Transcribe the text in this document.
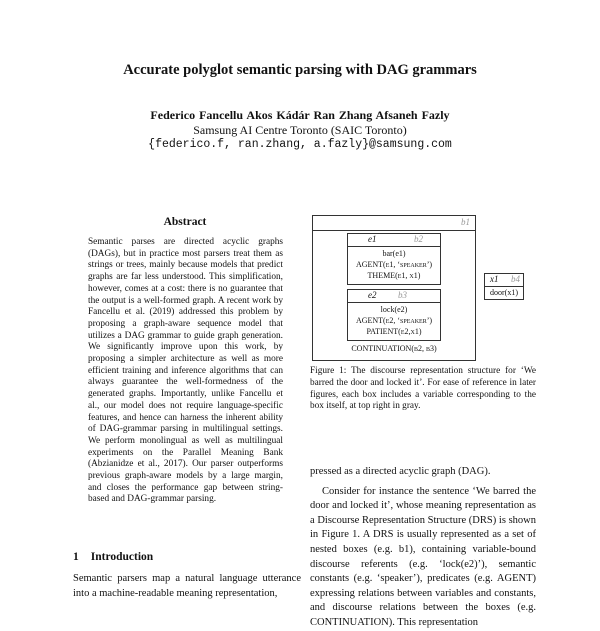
Accurate polyglot semantic parsing with DAG grammars
Federico Fancellu Akos Kádár Ran Zhang Afsaneh Fazly
Samsung AI Centre Toronto (SAIC Toronto)
{federico.f, ran.zhang, a.fazly}@samsung.com
Abstract
Semantic parses are directed acyclic graphs (DAGs), but in practice most parsers treat them as strings or trees, mainly because models that predict graphs are far less understood. This simplification, however, comes at a cost: there is no guarantee that the output is a well-formed graph. A recent work by Fancellu et al. (2019) addressed this problem by proposing a graph-aware sequence model that utilizes a DAG grammar to guide graph generation. We significantly improve upon this work, by proposing a simpler architecture as well as more efficient training and inference algorithms that can always guarantee the well-formedness of the generated graphs. Importantly, unlike Fancellu et al., our model does not require language-specific features, and hence can harness the inherent ability of DAG-grammar parsing in multilingual settings. We perform monolingual as well as multilingual experiments on the Parallel Meaning Bank (Abzianidze et al., 2017). Our parser outperforms previous graph-aware models by a large margin, and closes the performance gap between string-based and DAG-grammar parsing.
1 Introduction
Semantic parsers map a natural language utterance into a machine-readable meaning representation,
b1
e1	b2
bar(e1)
AGENT(e1, ‘speaker’)
THEME(e1, x1)
e2 b3
lock(e2)
AGENT(e2, ‘speaker’)
PATIENT(e2,x1)
CONTINUATION(b2, b3)
x1 b4
door(x1)
Figure 1: The discourse representation structure for ‘We barred the door and locked it’. For ease of reference in later figures, each box includes a variable corresponding to the box itself, at top right in gray.
pressed as a directed acyclic graph (DAG).
Consider for instance the sentence ‘We barred the door and locked it’, whose meaning representation as a Discourse Representation Structure (DRS) is shown in Figure 1. A DRS is usually represented as a set of nested boxes (e.g. b1), containing variable-bound discourse referents (e.g. ‘lock(e2)’), semantic constants (e.g. ‘speaker’), predicates (e.g. AGENT) expressing relations between variables and constants, and discourse relations between the boxes (e.g. CONTINUATION). This representation
